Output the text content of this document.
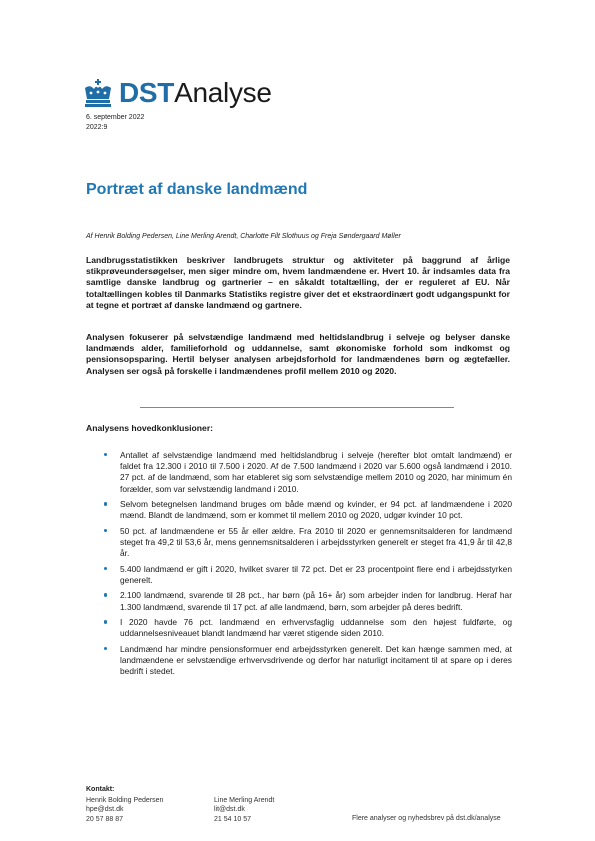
DSTAnalyse
6. september 2022
2022:9
Portræt af danske landmænd
Af Henrik Bolding Pedersen, Line Merling Arendt, Charlotte Filt Slothuus og Freja Søndergaard Møller
Landbrugsstatistikken beskriver landbrugets struktur og aktiviteter på baggrund af årlige stikprøveundersøgelser, men siger mindre om, hvem landmændene er. Hvert 10. år indsamles data fra samtlige danske landbrug og gartnerier – en såkaldt totaltælling, der er reguleret af EU. Når totaltællingen kobles til Danmarks Statistiks registre giver det et ekstraordinært godt udgangspunkt for at tegne et portræt af danske landmænd og gartnere.
Analysen fokuserer på selvstændige landmænd med heltidslandbrug i selveje og belyser danske landmænds alder, familieforhold og uddannelse, samt økonomiske forhold som indkomst og pensionsopsparing. Hertil belyser analysen arbejdsforhold for landmændenes børn og ægtefæller. Analysen ser også på forskelle i landmændenes profil mellem 2010 og 2020.
Analysens hovedkonklusioner:
Antallet af selvstændige landmænd med heltidslandbrug i selveje (herefter blot omtalt landmænd) er faldet fra 12.300 i 2010 til 7.500 i 2020. Af de 7.500 landmænd i 2020 var 5.600 også landmænd i 2010. 27 pct. af de landmænd, som har etableret sig som selvstændige mellem 2010 og 2020, har minimum én forælder, som var selvstændig landmand i 2010.
Selvom betegnelsen landmand bruges om både mænd og kvinder, er 94 pct. af landmændene i 2020 mænd. Blandt de landmænd, som er kommet til mellem 2010 og 2020, udgør kvinder 10 pct.
50 pct. af landmændene er 55 år eller ældre. Fra 2010 til 2020 er gennemsnitsalderen for landmænd steget fra 49,2 til 53,6 år, mens gennemsnitsalderen i arbejdsstyrken generelt er steget fra 41,9 år til 42,8 år.
5.400 landmænd er gift i 2020, hvilket svarer til 72 pct. Det er 23 procentpoint flere end i arbejdsstyrken generelt.
2.100 landmænd, svarende til 28 pct., har børn (på 16+ år) som arbejder inden for landbrug. Heraf har 1.300 landmænd, svarende til 17 pct. af alle landmænd, børn, som arbejder på deres bedrift.
I 2020 havde 76 pct. landmænd en erhvervsfaglig uddannelse som den højest fuldførte, og uddannelsesniveauet blandt landmænd har været stigende siden 2010.
Landmænd har mindre pensionsformuer end arbejdsstyrken generelt. Det kan hænge sammen med, at landmændene er selvstændige erhvervsdrivende og derfor har naturligt incitament til at spare op i deres bedrift i stedet.
Kontakt:
Henrik Bolding Pedersen
hpe@dst.dk
20 57 88 87
Line Merling Arendt
lit@dst.dk
21 54 10 57	Flere analyser og nyhedsbrev på dst.dk/analyse
